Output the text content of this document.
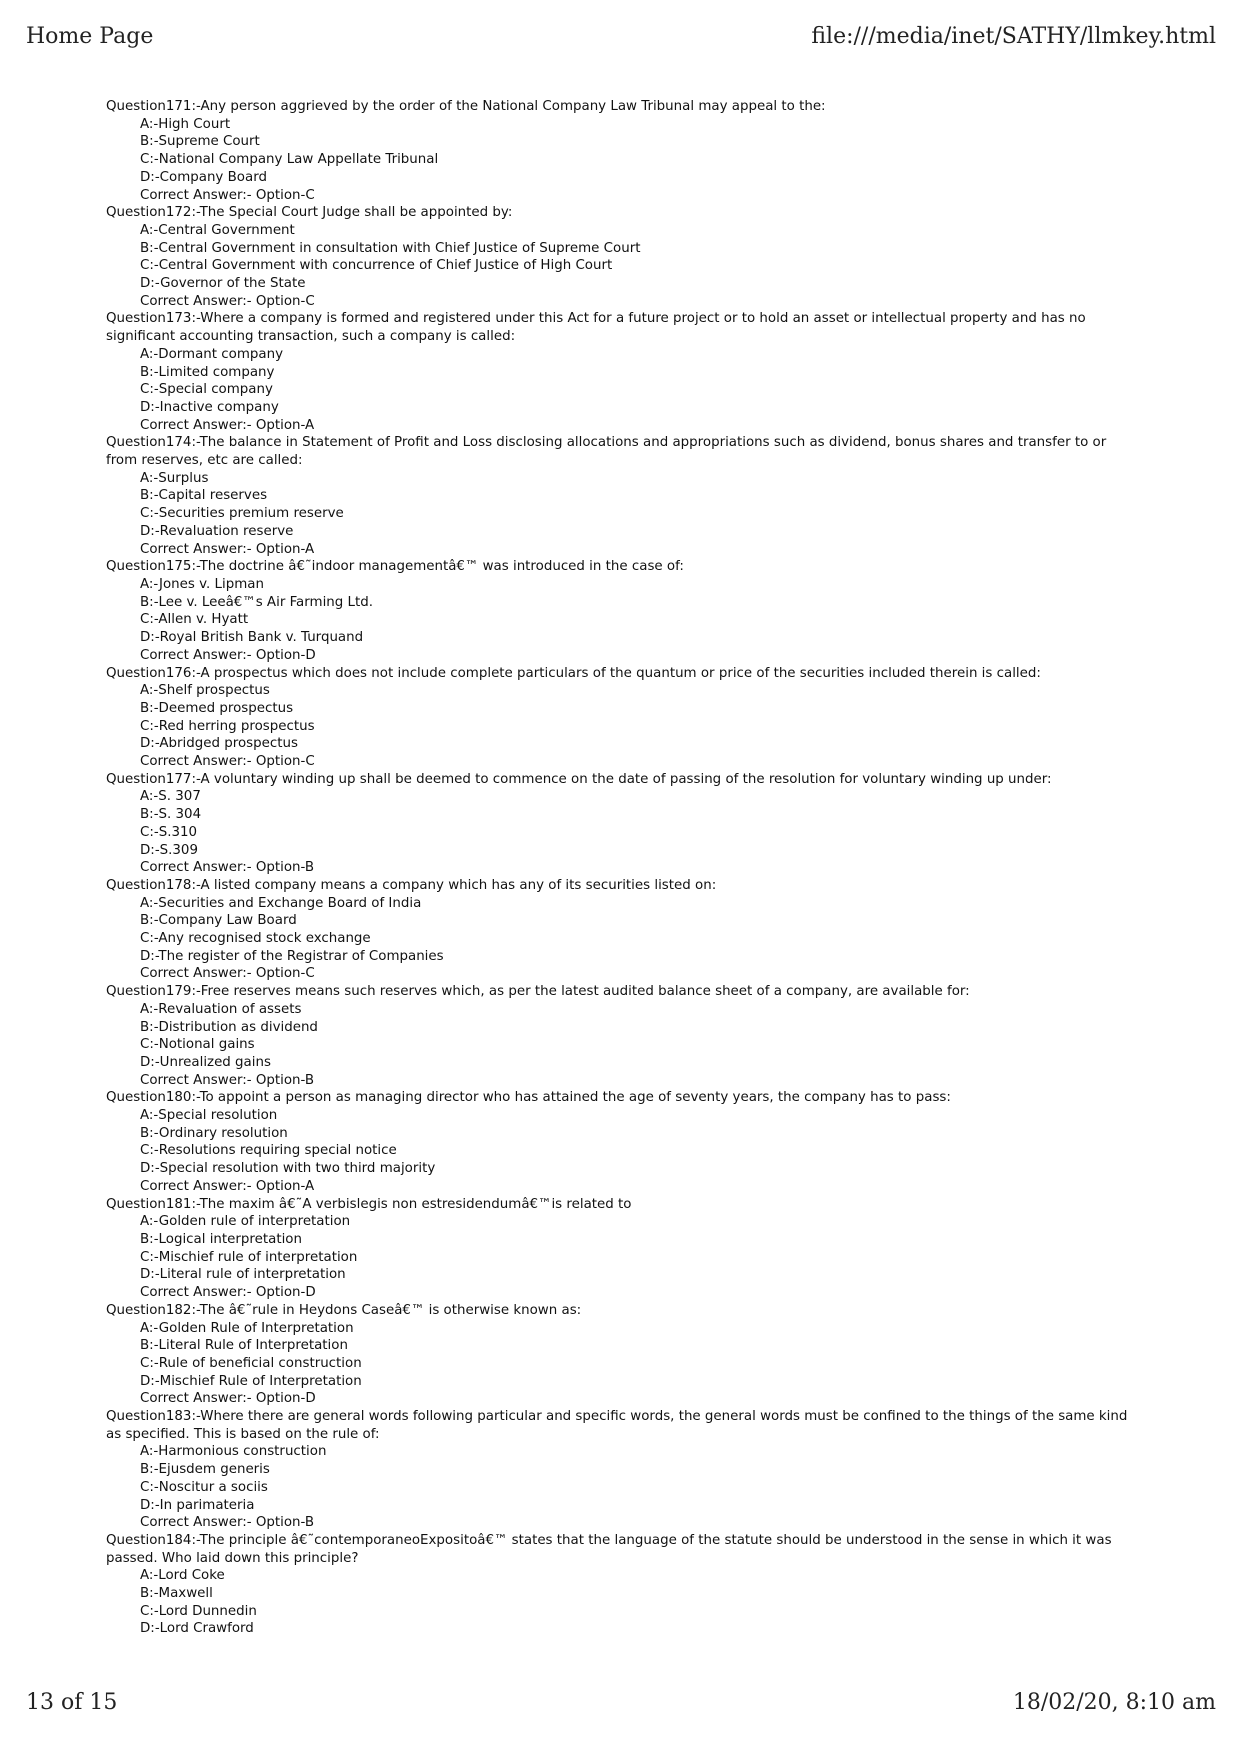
Home Page	file:///media/inet/SATHY/llmkey.html
Question171:-Any person aggrieved by the order of the National Company Law Tribunal may appeal to the:
A:-High Court
B:-Supreme Court
C:-National Company Law Appellate Tribunal
D:-Company Board
Correct Answer:- Option-C
Question172:-The Special Court Judge shall be appointed by:
A:-Central Government
B:-Central Government in consultation with Chief Justice of Supreme Court
C:-Central Government with concurrence of Chief Justice of High Court
D:-Governor of the State
Correct Answer:- Option-C
Question173:-Where a company is formed and registered under this Act for a future project or to hold an asset or intellectual property and has no significant accounting transaction, such a company is called:
A:-Dormant company
B:-Limited company
C:-Special company
D:-Inactive company
Correct Answer:- Option-A
Question174:-The balance in Statement of Profit and Loss disclosing allocations and appropriations such as dividend, bonus shares and transfer to or from reserves, etc are called:
A:-Surplus
B:-Capital reserves
C:-Securities premium reserve
D:-Revaluation reserve
Correct Answer:- Option-A
Question175:-The doctrine â€˜indoor managementâ€™ was introduced in the case of:
A:-Jones v. Lipman
B:-Lee v. Leeâ€™s Air Farming Ltd.
C:-Allen v. Hyatt
D:-Royal British Bank v. Turquand
Correct Answer:- Option-D
Question176:-A prospectus which does not include complete particulars of the quantum or price of the securities included therein is called:
A:-Shelf prospectus
B:-Deemed prospectus
C:-Red herring prospectus
D:-Abridged prospectus
Correct Answer:- Option-C
Question177:-A voluntary winding up shall be deemed to commence on the date of passing of the resolution for voluntary winding up under:
A:-S. 307
B:-S. 304
C:-S.310
D:-S.309
Correct Answer:- Option-B
Question178:-A listed company means a company which has any of its securities listed on:
A:-Securities and Exchange Board of India
B:-Company Law Board
C:-Any recognised stock exchange
D:-The register of the Registrar of Companies
Correct Answer:- Option-C
Question179:-Free reserves means such reserves which, as per the latest audited balance sheet of a company, are available for:
A:-Revaluation of assets
B:-Distribution as dividend
C:-Notional gains
D:-Unrealized gains
Correct Answer:- Option-B
Question180:-To appoint a person as managing director who has attained the age of seventy years, the company has to pass:
A:-Special resolution
B:-Ordinary resolution
C:-Resolutions requiring special notice
D:-Special resolution with two third majority
Correct Answer:- Option-A
Question181:-The maxim â€˜A verbislegis non estresidendumâ€™is related to
A:-Golden rule of interpretation
B:-Logical interpretation
C:-Mischief rule of interpretation
D:-Literal rule of interpretation
Correct Answer:- Option-D
Question182:-The â€˜rule in Heydons Caseâ€™ is otherwise known as:
A:-Golden Rule of Interpretation
B:-Literal Rule of Interpretation
C:-Rule of beneficial construction
D:-Mischief Rule of Interpretation
Correct Answer:- Option-D
Question183:-Where there are general words following particular and specific words, the general words must be confined to the things of the same kind as specified. This is based on the rule of:
A:-Harmonious construction
B:-Ejusdem generis
C:-Noscitur a sociis
D:-In parimateria
Correct Answer:- Option-B
Question184:-The principle â€˜contemporaneoExpositoâ€™ states that the language of the statute should be understood in the sense in which it was passed. Who laid down this principle?
A:-Lord Coke
B:-Maxwell
C:-Lord Dunnedin
D:-Lord Crawford
13 of 15	18/02/20, 8:10 am
